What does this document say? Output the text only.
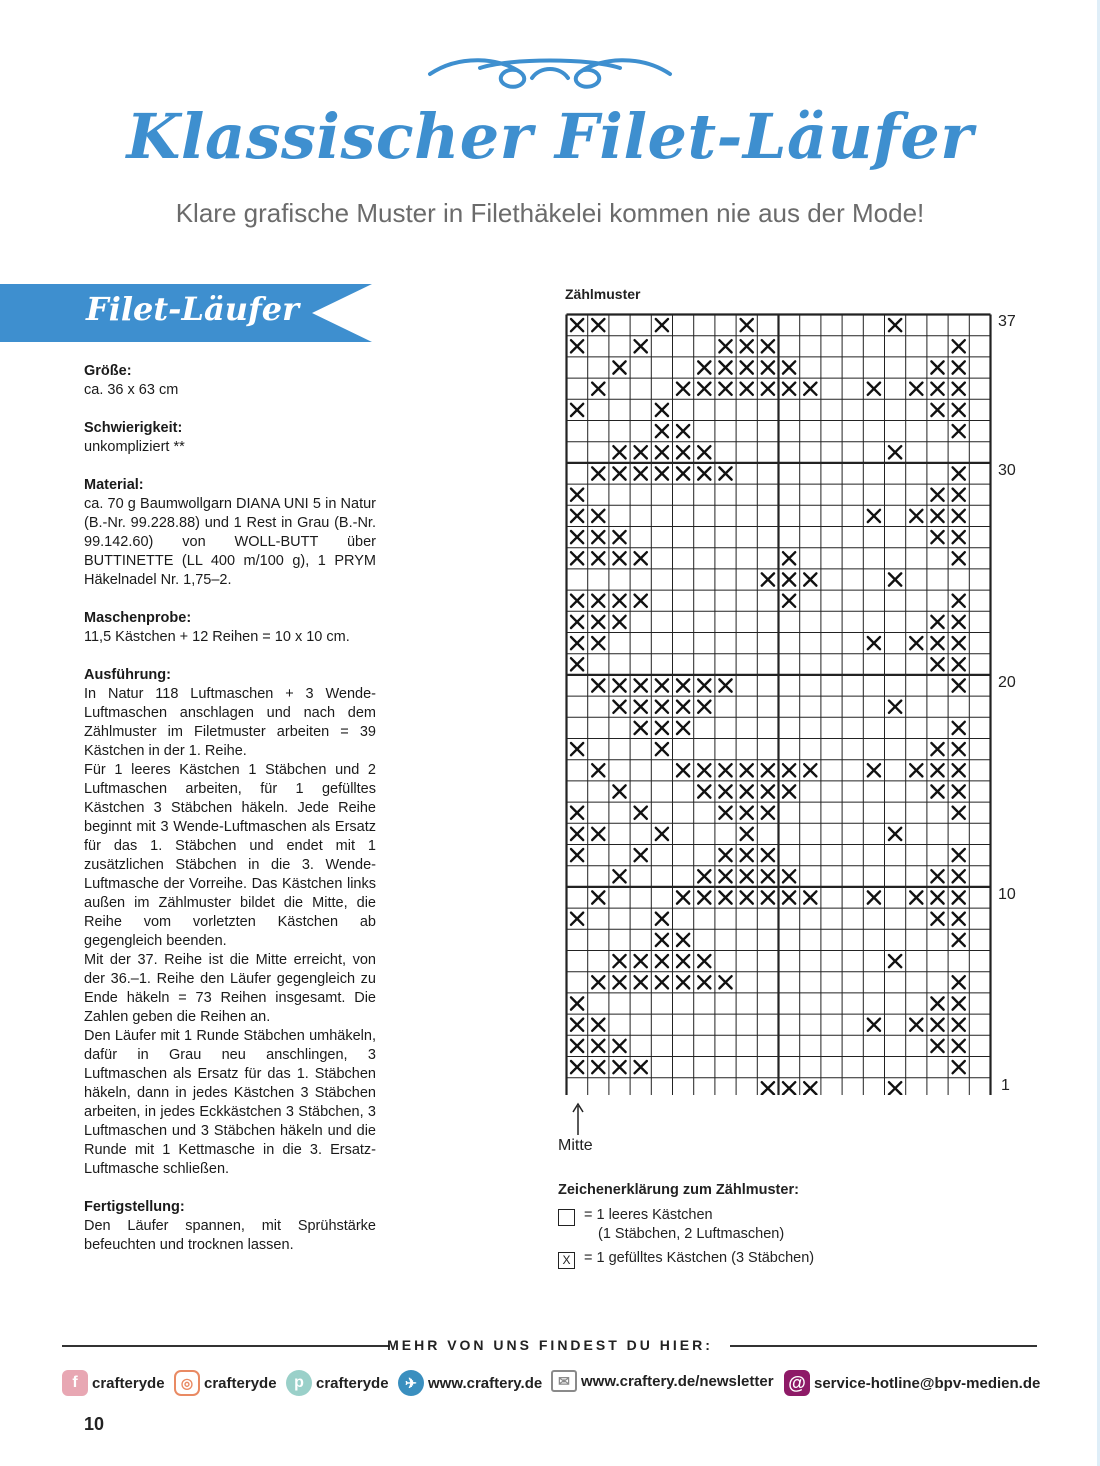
Klassischer Filet-Läufer
Klare grafische Muster in Filethäkelei kommen nie aus der Mode!
Filet-Läufer
Größe:

ca. 36 x 63 cm

Schwierigkeit:

unkompliziert **

Material:

ca. 70 g Baumwollgarn DIANA UNI 5 in Natur (B.-Nr. 99.228.88) und 1 Rest in Grau (B.-Nr. 99.142.60) von WOLL-BUTT über BUTTINETTE (LL 400 m/100 g), 1 PRYM Häkelnadel Nr. 1,75–2.

Maschenprobe:

11,5 Kästchen + 12 Reihen = 10 x 10 cm.

Ausführung:

In Natur 118 Luftmaschen + 3 Wende-Luftmaschen anschlagen und nach dem Zählmuster im Filetmuster arbeiten = 39 Kästchen in der 1. Reihe.
Für 1 leeres Kästchen 1 Stäbchen und 2 Luftmaschen arbeiten, für 1 gefülltes Kästchen 3 Stäbchen häkeln. Jede Reihe beginnt mit 3 Wende-Luftmaschen als Ersatz für das 1. Stäbchen und endet mit 1 zusätzlichen Stäbchen in die 3. Wende-Luftmasche der Vorreihe. Das Kästchen links außen im Zählmuster bildet die Mitte, die Reihe vom vorletzten Kästchen ab gegengleich beenden.
Mit der 37. Reihe ist die Mitte erreicht, von der 36.–1. Reihe den Läufer gegengleich zu Ende häkeln = 73 Reihen insgesamt. Die Zahlen geben die Reihen an.
Den Läufer mit 1 Runde Stäbchen umhäkeln, dafür in Grau neu anschlingen, 3 Luftmaschen als Ersatz für das 1. Stäbchen häkeln, dann in jedes Kästchen 3 Stäbchen arbeiten, in jedes Eckkästchen 3 Stäbchen, 3 Luftmaschen und 3 Stäbchen häkeln und die Runde mit 1 Kettmasche in die 3. Ersatz-Luftmasche schließen.

Fertigstellung:

Den Läufer spannen, mit Sprühstärke befeuchten und trocknen lassen.

Zählmuster
37
30
20
10
1
Mitte
Zeichenerklärung zum Zählmuster:
= 1 leeres Kästchen
(1 Stäbchen, 2 Luftmaschen)
X = 1 gefülltes Kästchen (3 Stäbchen)
MEHR VON UNS FINDEST DU HIER:
f crafteryde	◎ crafteryde	p crafteryde	✈ www.craftery.de	✉ www.craftery.de/newsletter @ service-hotline@bpv-medien.de
10
